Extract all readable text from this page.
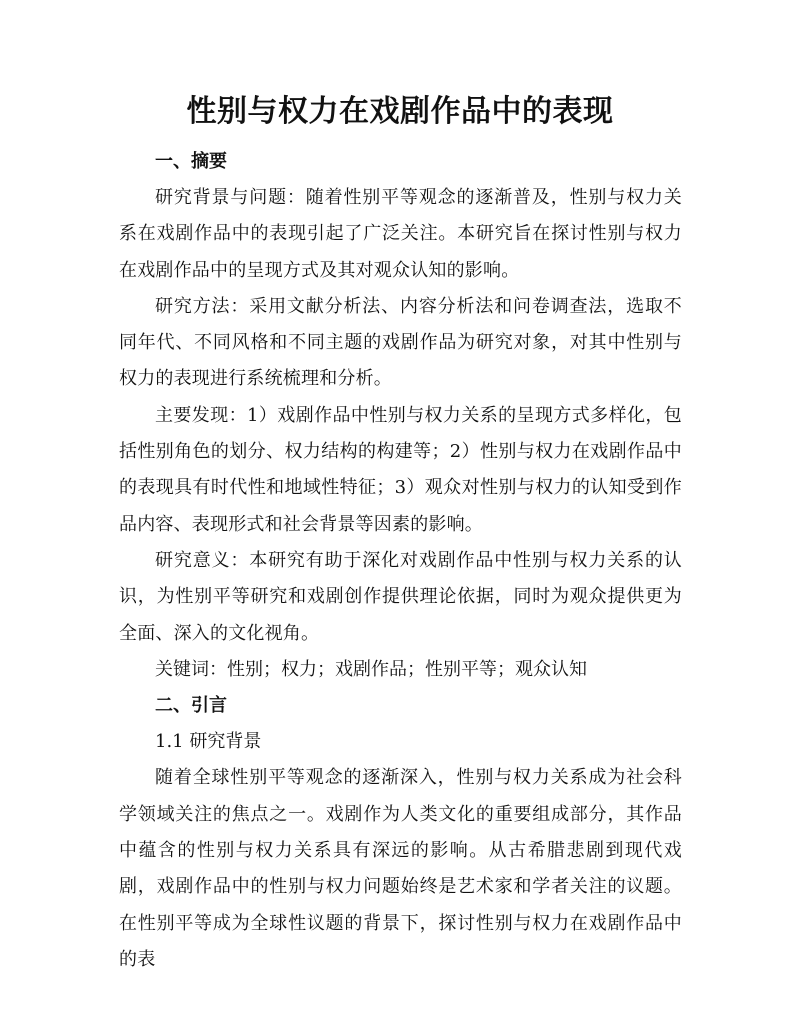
性别与权力在戏剧作品中的表现

一、摘要

研究背景与问题：随着性别平等观念的逐渐普及，性别与权力关系在戏剧作品中的表现引起了广泛关注。本研究旨在探讨性别与权力在戏剧作品中的呈现方式及其对观众认知的影响。

研究方法：采用文献分析法、内容分析法和问卷调查法，选取不同年代、不同风格和不同主题的戏剧作品为研究对象，对其中性别与权力的表现进行系统梳理和分析。

主要发现：1）戏剧作品中性别与权力关系的呈现方式多样化，包括性别角色的划分、权力结构的构建等；2）性别与权力在戏剧作品中的表现具有时代性和地域性特征；3）观众对性别与权力的认知受到作品内容、表现形式和社会背景等因素的影响。

研究意义：本研究有助于深化对戏剧作品中性别与权力关系的认识，为性别平等研究和戏剧创作提供理论依据，同时为观众提供更为全面、深入的文化视角。

关键词：性别；权力；戏剧作品；性别平等；观众认知

二、引言

1.1 研究背景

随着全球性别平等观念的逐渐深入，性别与权力关系成为社会科学领域关注的焦点之一。戏剧作为人类文化的重要组成部分，其作品中蕴含的性别与权力关系具有深远的影响。从古希腊悲剧到现代戏剧，戏剧作品中的性别与权力问题始终是艺术家和学者关注的议题。在性别平等成为全球性议题的背景下，探讨性别与权力在戏剧作品中的表
